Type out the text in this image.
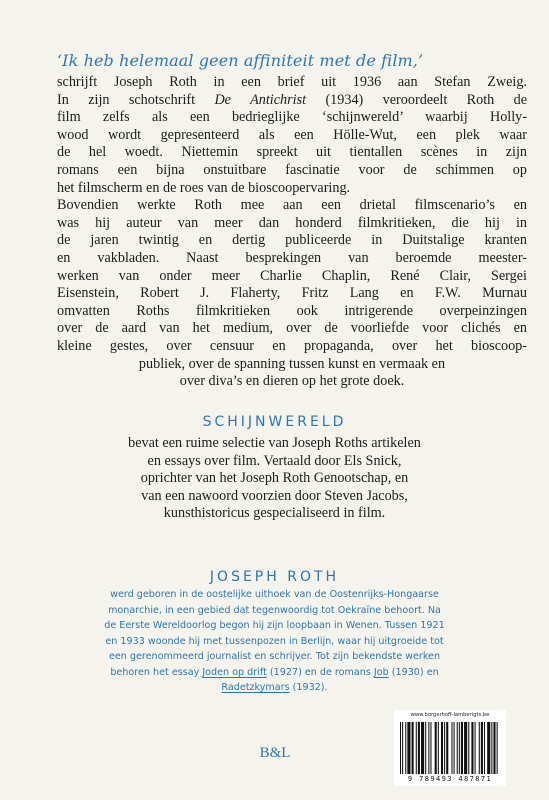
‘Ik heb helemaal geen affiniteit met de film,’
schrijft Joseph Roth in een brief uit 1936 aan Stefan Zweig.
In zijn schotschrift De Antichrist (1934) veroordeelt Roth de
film zelfs als een bedrieglijke ‘schijnwereld’ waarbij Holly-
wood wordt gepresenteerd als een Hölle-Wut, een plek waar
de hel woedt. Niettemin spreekt uit tientallen scènes in zijn
romans een bijna onstuitbare fascinatie voor de schimmen op
het filmscherm en de roes van de bioscoopervaring.
Bovendien werkte Roth mee aan een drietal filmscenario’s en
was hij auteur van meer dan honderd filmkritieken, die hij in
de jaren twintig en dertig publiceerde in Duitstalige kranten
en vakbladen. Naast besprekingen van beroemde meester-
werken van onder meer Charlie Chaplin, René Clair, Sergei
Eisenstein, Robert J. Flaherty, Fritz Lang en F.W. Murnau
omvatten Roths filmkritieken ook intrigerende overpeinzingen
over de aard van het medium, over de voorliefde voor clichés en
kleine gestes, over censuur en propaganda, over het bioscoop-
publiek, over de spanning tussen kunst en vermaak en
over diva’s en dieren op het grote doek.
SCHIJNWERELD
bevat een ruime selectie van Joseph Roths artikelen
en essays over film. Vertaald door Els Snick,
oprichter van het Joseph Roth Genootschap, en
van een nawoord voorzien door Steven Jacobs,
kunsthistoricus gespecialiseerd in film.
JOSEPH ROTH
werd geboren in de oostelijke uithoek van de Oostenrijks-Hongaarse
monarchie, in een gebied dat tegenwoordig tot Oekraïne behoort. Na
de Eerste Wereldoorlog begon hij zijn loopbaan in Wenen. Tussen 1921
en 1933 woonde hij met tussenpozen in Berlijn, waar hij uitgroeide tot
een gerenommeerd journalist en schrijver. Tot zijn bekendste werken
behoren het essay Joden op drift (1927) en de romans Job (1930) en
Radetzkymars (1932).
B&L
www.borgerhoff-lamberigts.be
9 789493 487871
